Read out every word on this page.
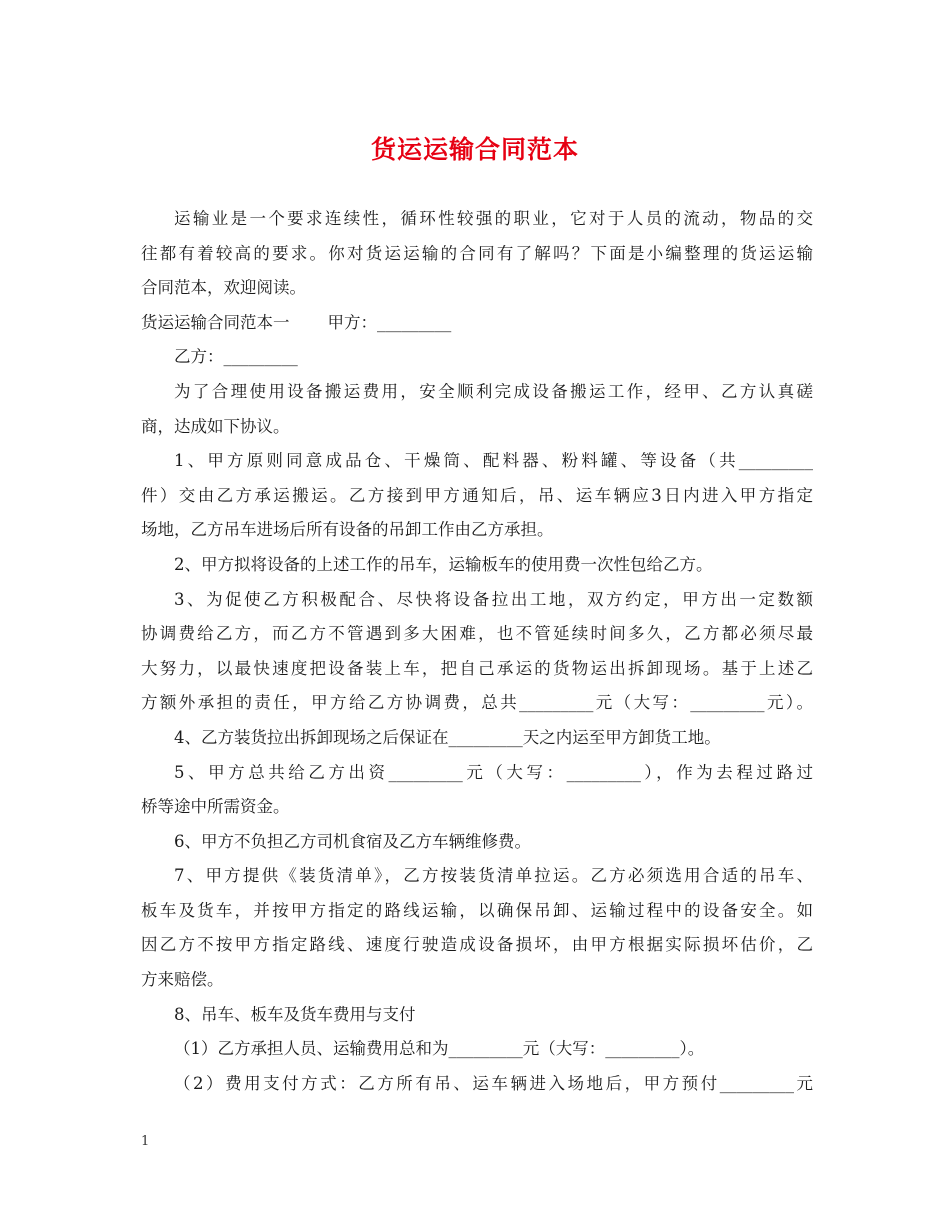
货运运输合同范本
运输业是一个要求连续性，循环性较强的职业，它对于人员的流动，物品的交
往都有着较高的要求。你对货运运输的合同有了解吗？下面是小编整理的货运运输
合同范本，欢迎阅读。
货运运输合同范本一 甲方：_________
乙方：_________
为了合理使用设备搬运费用，安全顺利完成设备搬运工作，经甲、乙方认真磋
商，达成如下协议。
1、甲方原则同意成品仓、干燥筒、配料器、粉料罐、等设备（共_________
件）交由乙方承运搬运。乙方接到甲方通知后，吊、运车辆应3日内进入甲方指定
场地，乙方吊车进场后所有设备的吊卸工作由乙方承担。
2、甲方拟将设备的上述工作的吊车，运输板车的使用费一次性包给乙方。
3、为促使乙方积极配合、尽快将设备拉出工地，双方约定，甲方出一定数额
协调费给乙方，而乙方不管遇到多大困难，也不管延续时间多久，乙方都必须尽最
大努力，以最快速度把设备装上车，把自己承运的货物运出拆卸现场。基于上述乙
方额外承担的责任，甲方给乙方协调费，总共_________元（大写：_________元）。
4、乙方装货拉出拆卸现场之后保证在_________天之内运至甲方卸货工地。
5、甲方总共给乙方出资_________元（大写：_________），作为去程过路过
桥等途中所需资金。
6、甲方不负担乙方司机食宿及乙方车辆维修费。
7、甲方提供《装货清单》，乙方按装货清单拉运。乙方必须选用合适的吊车、
板车及货车，并按甲方指定的路线运输，以确保吊卸、运输过程中的设备安全。如
因乙方不按甲方指定路线、速度行驶造成设备损坏，由甲方根据实际损坏估价，乙
方来赔偿。
8、吊车、板车及货车费用与支付
（1）乙方承担人员、运输费用总和为_________元（大写：_________）。
（2）费用支付方式：乙方所有吊、运车辆进入场地后，甲方预付_________元
1
